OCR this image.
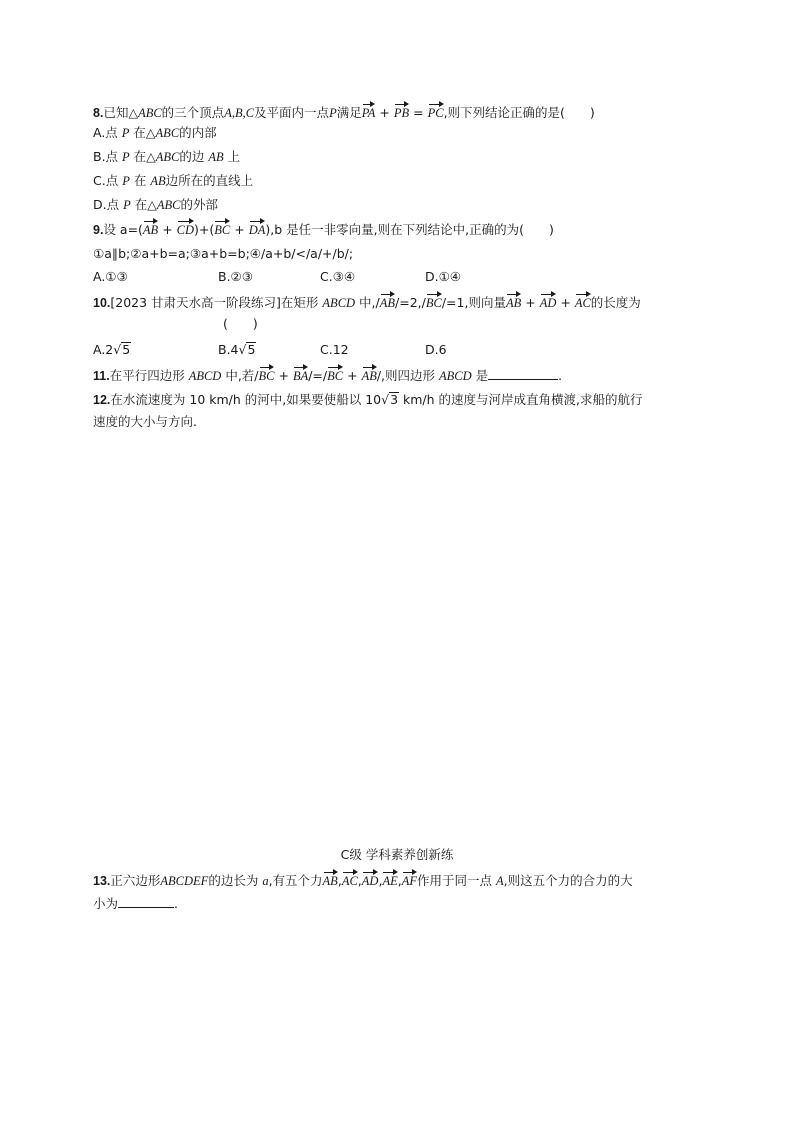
8.已知△ABC的三个顶点A,B,C及平面内一点P满足PA + PB = PC,则下列结论正确的是(　　)
A.点 P 在△ABC的内部
B.点 P 在△ABC的边 AB 上
C.点 P 在 AB边所在的直线上
D.点 P 在△ABC的外部
9.设 a=(AB + CD)+(BC + DA),b 是任一非零向量,则在下列结论中,正确的为(　　)
①a∥b;②a+b=a;③a+b=b;④/a+b/</a/+/b/;
A.①③	B.②③	C.③④	D.①④
10.[2023 甘肃天水高一阶段练习]在矩形 ABCD 中,/AB/=2,/BC/=1,则向量AB + AD + AC的长度为
(　　)
A.2√5	B.4√5	C.12	D.6
11.在平行四边形 ABCD 中,若/BC + BA/=/BC + AB/,则四边形 ABCD 是	.
12.在水流速度为 10 km/h 的河中,如果要使船以 10√3 km/h 的速度与河岸成直角横渡,求船的航行
速度的大小与方向.
C级 学科素养创新练
13.正六边形ABCDEF的边长为 a,有五个力AB,AC,AD,AE,AF作用于同一点 A,则这五个力的合力的大
小为	.
